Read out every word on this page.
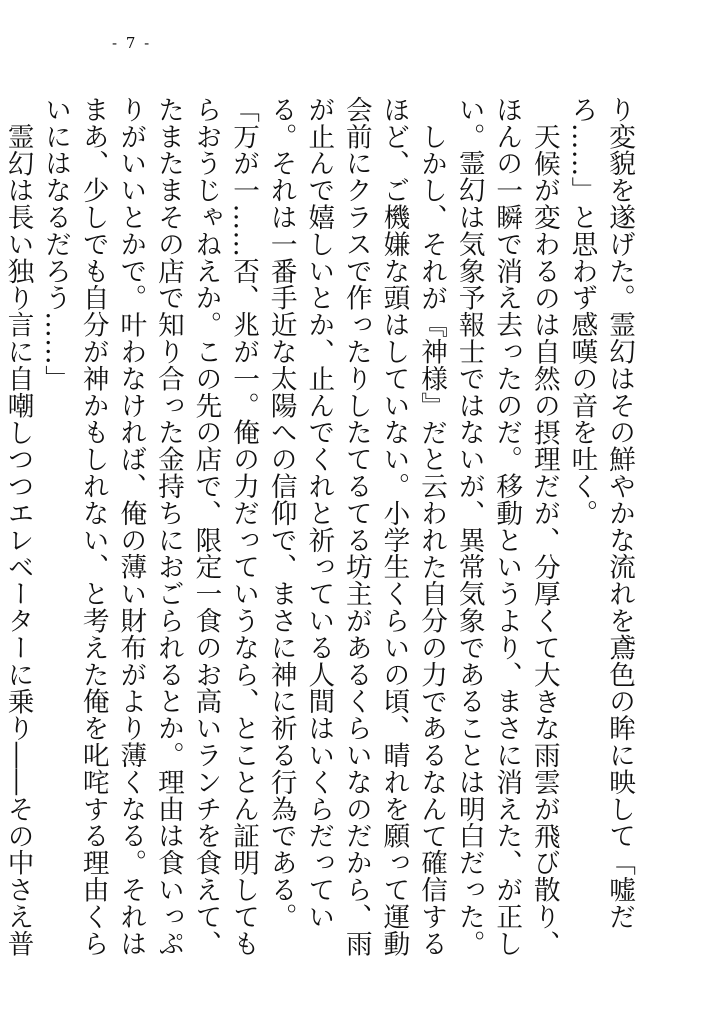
- 7 -

り変貌を遂げた。霊幻はその鮮やかな流れを鳶色の眸に映して「嘘だろ……」と思わず感嘆の音を吐く。

天候が変わるのは自然の摂理だが、分厚くて大きな雨雲が飛び散り、ほんの一瞬で消え去ったのだ。移動というより、まさに消えた、が正しい。霊幻は気象予報士ではないが、異常気象であることは明白だった。

しかし、それが『神様』だと云われた自分の力であるなんて確信するほど、ご機嫌な頭はしていない。小学生くらいの頃、晴れを願って運動会前にクラスで作ったりしたてるてる坊主があるくらいなのだから、雨が止んで嬉しいとか、止んでくれと祈っている人間はいくらだっている。それは一番手近な太陽への信仰で、まさに神に祈る行為である。

「万が一……否、兆が一。俺の力だっていうなら、とことん証明してもらおうじゃねえか。この先の店で、限定一食のお高いランチを食えて、たまたまその店で知り合った金持ちにおごられるとか。理由は食いっぷりがいいとかで。叶わなければ、俺の薄い財布がより薄くなる。それはまあ、少しでも自分が神かもしれない、と考えた俺を叱咤する理由くらいにはなるだろう……」

霊幻は長い独り言に自嘲しつつエレベーターに乗り――その中さえ普
